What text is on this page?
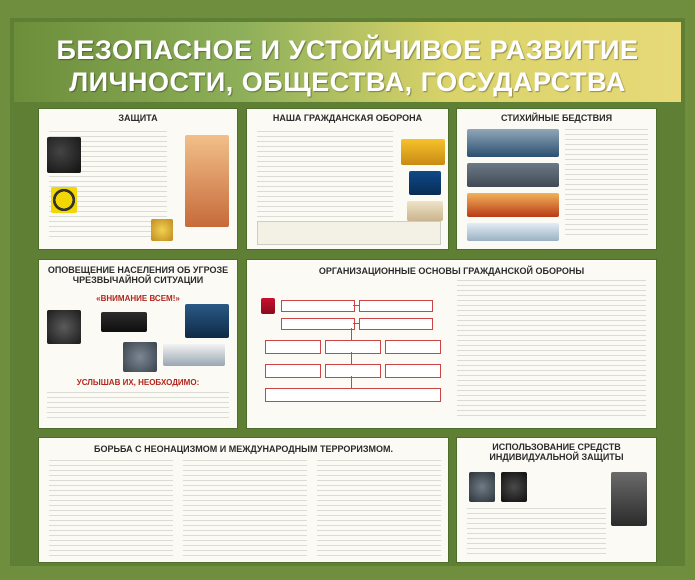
БЕЗОПАСНОЕ И УСТОЙЧИВОЕ РАЗВИТИЕ
ЛИЧНОСТИ, ОБЩЕСТВА, ГОСУДАРСТВА
ЗАЩИТА	НАША ГРАЖДАНСКАЯ ОБОРОНА	СТИХИЙНЫЕ БЕДСТВИЯ
ОПОВЕЩЕНИЕ НАСЕЛЕНИЯ ОБ УГРОЗЕ
ЧРЕЗВЫЧАЙНОЙ СИТУАЦИИ
«ВНИМАНИЕ ВСЕМ!»
УСЛЫШАВ ИХ, НЕОБХОДИМО:
ОРГАНИЗАЦИОННЫЕ ОСНОВЫ ГРАЖДАНСКОЙ ОБОРОНЫ
БОРЬБА С НЕОНАЦИЗМОМ И МЕЖДУНАРОДНЫМ ТЕРРОРИЗМОМ.	ИСПОЛЬЗОВАНИЕ СРЕДСТВ
ИНДИВИДУАЛЬНОЙ ЗАЩИТЫ
